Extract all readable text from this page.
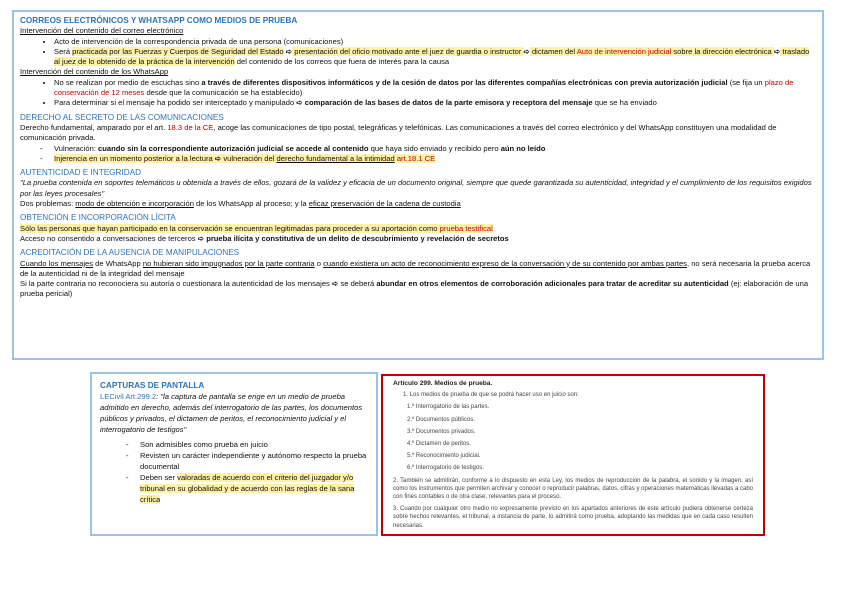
CORREOS ELECTRÓNICOS Y WHATSAPP COMO MEDIOS DE PRUEBA
Intervención del contenido del correo electrónico
• Acto de intervención de la correspondencia privada de una persona (comunicaciones)
• Será practicada por las Fuerzas y Cuerpos de Seguridad del Estado ➪ presentación del oficio motivado ante el juez de guardia o instructor ➪ dictamen del Auto de intervención judicial sobre la dirección electrónica ➪ traslado al juez de lo obtenido de la práctica de la intervención del contenido de los correos que fuera de interés para la causa
Intervención del contenido de los WhatsApp
• No se realizan por medio de escuchas sino a través de diferentes dispositivos informáticos y de la cesión de datos por las diferentes compañías electrónicas con previa autorización judicial (se fija un plazo de conservación de 12 meses desde que la comunicación se ha establecido)
• Para determinar si el mensaje ha podido ser interceptado y manipulado ➪ comparación de las bases de datos de la parte emisora y receptora del mensaje que se ha enviado
DERECHO AL SECRETO DE LAS COMUNICACIONES
Derecho fundamental, amparado por el art. 18.3 de la CE, acoge las comunicaciones de tipo postal, telegráficas y telefónicas. Las comunicaciones a través del correo electrónico y del WhatsApp constituyen una modalidad de comunicación privada.
- Vulneración: cuando sin la correspondiente autorización judicial se accede al contenido que haya sido enviado y recibido pero aún no leído
- Injerencia en un momento posterior a la lectura ➪ vulneración del derecho fundamental a la intimidad art.18.1 CE
AUTENTICIDAD E INTEGRIDAD
"La prueba contenida en soportes telemáticos u obtenida a través de ellos, gozará de la validez y eficacia de un documento original, siempre que quede garantizada su autenticidad, integridad y el cumplimiento de los requisitos exigidos por las leyes procesales"
Dos problemas: modo de obtención e incorporación de los WhatsApp al proceso; y la eficaz preservación de la cadena de custodia
OBTENCIÓN E INCORPORACIÓN LÍCITA
Sólo las personas que hayan participado en la conservación se encuentran legitimadas para proceder a su aportación como prueba testifical
Acceso no consentido a conversaciones de terceros ➪ prueba ilícita y constitutiva de un delito de descubrimiento y revelación de secretos
ACREDITACIÓN DE LA AUSENCIA DE MANIPULACIONES
Cuando los mensajes de WhatsApp no hubieran sido impugnados por la parte contraria o cuando existiera un acto de reconocimiento expreso de la conversación y de su contenido por ambas partes, no será necesaria la prueba acerca de la autenticidad ni de la integridad del mensaje
Si la parte contraria no reconociera su autoría o cuestionara la autenticidad de los mensajes ➪ se deberá abundar en otros elementos de corroboración adicionales para tratar de acreditar su autenticidad (ej: elaboración de una prueba pericial)
CAPTURAS DE PANTALLA
LECivil Art.299.2: "la captura de pantalla se erige en un medio de prueba admitido en derecho, además del interrogatorio de las partes, los documentos públicos y privados, el dictamen de peritos, el reconocimiento judicial y el interrogatorio de testigos"
- Son admisibles como prueba en juicio
- Revisten un carácter independiente y autónomo respecto la prueba documental
- Deben ser valoradas de acuerdo con el criterio del juzgador y/o tribunal en su globalidad y de acuerdo con las reglas de la sana crítica
Artículo 299. Medios de prueba.
1. Los medios de prueba de que se podrá hacer uso en juicio son:
1.º Interrogatorio de las partes.
2.º Documentos públicos.
3.º Documentos privados.
4.º Dictamen de peritos.
5.º Reconocimiento judicial.
6.º Interrogatorio de testigos.
2. También se admitirán, conforme a lo dispuesto en esta Ley, los medios de reproducción de la palabra, el sonido y la imagen, así como los instrumentos que permiten archivar y conocer o reproducir palabras, datos, cifras y operaciones matemáticas llevadas a cabo con fines contables o de otra clase, relevantes para el proceso.
3. Cuando por cualquier otro medio no expresamente previsto en los apartados anteriores de este artículo pudiera obtenerse certeza sobre hechos relevantes, el tribunal, a instancia de parte, lo admitirá como prueba, adoptando las medidas que en cada caso resulten necesarias.
